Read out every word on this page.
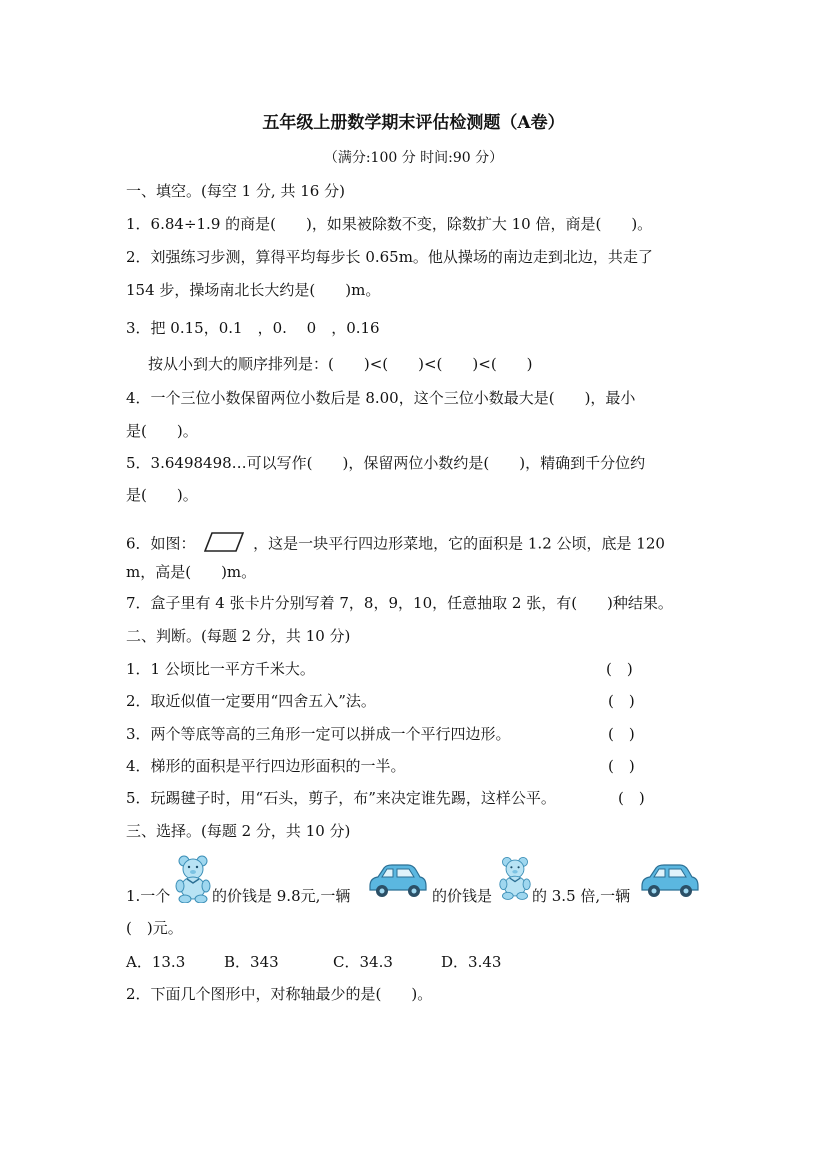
五年级上册数学期末评估检测题（A卷）
（满分:100 分 时间:90 分）
一、填空。(每空 1 分, 共 16 分)
1．6.84÷1.9 的商是(　　)，如果被除数不变，除数扩大 10 倍，商是(　　)。
2．刘强练习步测，算得平均每步长 0.65m。他从操场的南边走到北边，共走了
154 步，操场南北长大约是(　　)m。
3．把 0.15，0.1　，0.　 0　，0.16
按从小到大的顺序排列是：(　　)<(　　)<(　　)<(　　)
4．一个三位小数保留两位小数后是 8.00，这个三位小数最大是(　　)，最小
是(　　)。
5．3.6498498…可以写作(　　)，保留两位小数约是(　　)，精确到千分位约
是(　　)。
6．如图：	，这是一块平行四边形菜地，它的面积是 1.2 公顷，底是 120
m，高是(　　)m。
7．盒子里有 4 张卡片分别写着 7，8，9，10，任意抽取 2 张，有(　　)种结果。
二、判断。(每题 2 分，共 10 分)
1．1 公顷比一平方千米大。	(　)
2．取近似值一定要用“四舍五入”法。	(　)
3．两个等底等高的三角形一定可以拼成一个平行四边形。	(　)
4．梯形的面积是平行四边形面积的一半。	(　)
5．玩踢毽子时，用“石头，剪子，布”来决定谁先踢，这样公平。	(　)
三、选择。(每题 2 分，共 10 分)
1.一个	的价钱是 9.8元,一辆	的价钱是	的 3.5 倍,一辆
(　)元。
A．13.3	B．343	C．34.3	D．3.43
2．下面几个图形中，对称轴最少的是(　　)。
